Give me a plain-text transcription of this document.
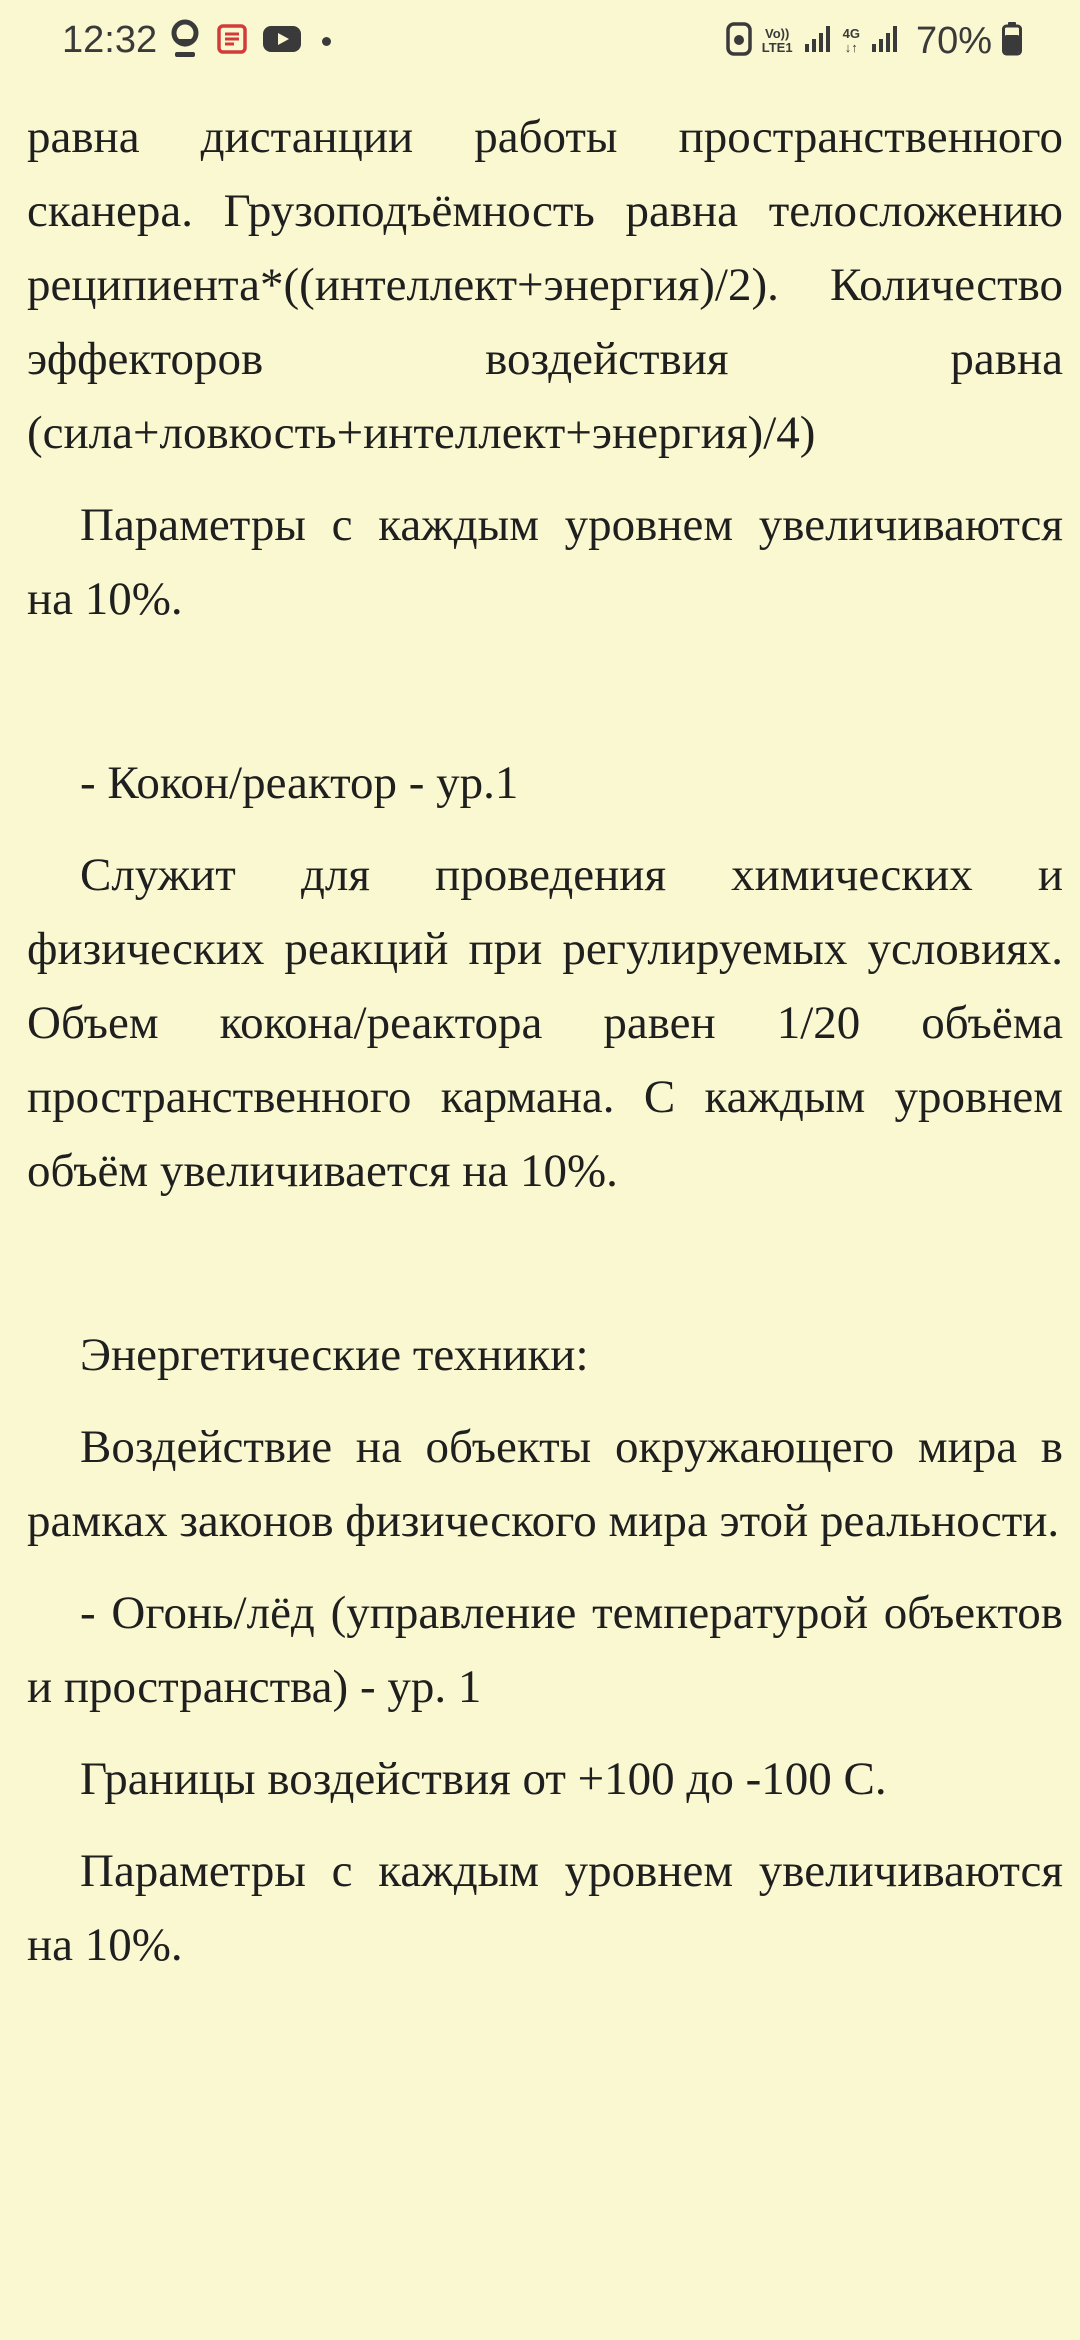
12:32	Vo))
LTE1
4G
↓↑ 70%

равна дистанции работы пространственного сканера. Грузоподъёмность равна телосложению реципиента*((интеллект+энергия)/2). Количество эффекторов воздействия равна (сила+ловкость+интеллект+энергия)/4)

Параметры с каждым уровнем увеличиваются на 10%.

- Кокон/реактор - ур.1

Служит для проведения химических и физических реакций при регулируемых условиях. Объем кокона/реактора равен 1/20 объёма пространственного кармана. С каждым уровнем объём увеличивается на 10%.

Энергетические техники:

Воздействие на объекты окружающего мира в рамках законов физического мира этой реальности.

- Огонь/лёд (управление температурой объектов и пространства) - ур. 1

Границы воздействия от +100 до -100 С.

Параметры с каждым уровнем увеличиваются на 10%.
